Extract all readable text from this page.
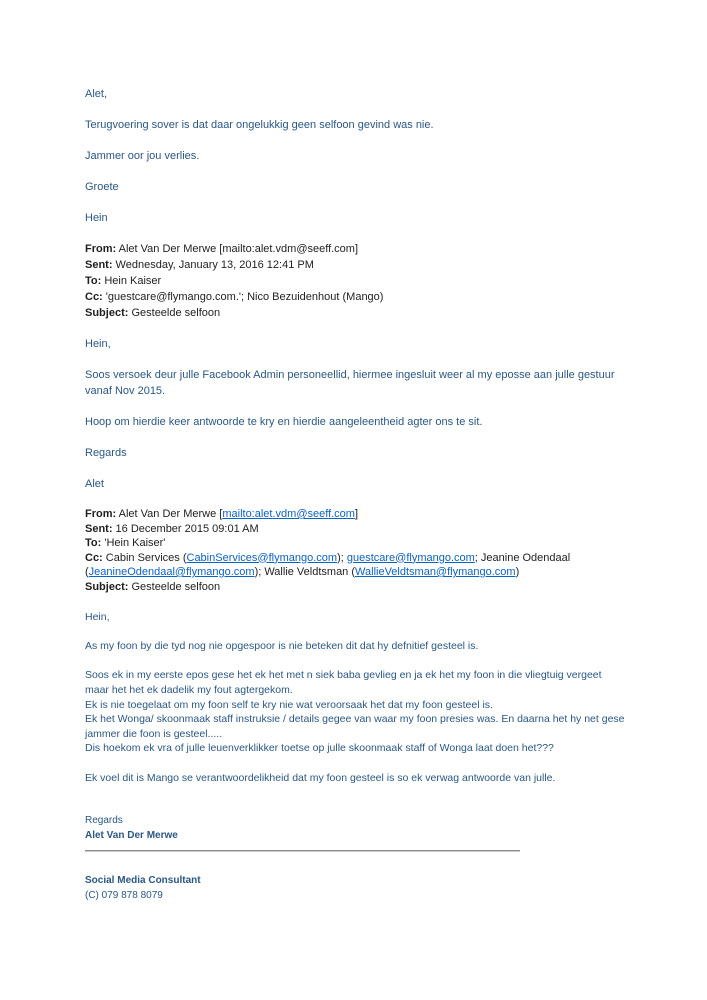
Alet,

Terugvoering sover is dat daar ongelukkig geen selfoon gevind was nie.

Jammer oor jou verlies.

Groete

Hein

From: Alet Van Der Merwe [mailto:alet.vdm@seeff.com]

Sent: Wednesday, January 13, 2016 12:41 PM

To: Hein Kaiser

Cc: 'guestcare@flymango.com.'; Nico Bezuidenhout (Mango)

Subject: Gesteelde selfoon

Hein,

Soos versoek deur julle Facebook Admin personeellid, hiermee ingesluit weer al my eposse aan julle gestuur vanaf Nov 2015.

Hoop om hierdie keer antwoorde te kry en hierdie aangeleentheid agter ons te sit.

Regards

Alet

From: Alet Van Der Merwe [mailto:alet.vdm@seeff.com]

Sent: 16 December 2015 09:01 AM

To: 'Hein Kaiser'

Cc: Cabin Services (CabinServices@flymango.com); guestcare@flymango.com; Jeanine Odendaal (JeanineOdendaal@flymango.com); Wallie Veldtsman (WallieVeldtsman@flymango.com)

Subject: Gesteelde selfoon

Hein,

As my foon by die tyd nog nie opgespoor is nie beteken dit dat hy defnitief gesteel is.

Soos ek in my eerste epos gese het ek het met n siek baba gevlieg en ja ek het my foon in die vliegtuig vergeet maar het het ek dadelik my fout agtergekom.

Ek is nie toegelaat om my foon self te kry nie wat veroorsaak het dat my foon gesteel is.

Ek het Wonga/ skoonmaak staff instruksie / details gegee van waar my foon presies was. En daarna het hy net gese jammer die foon is gesteel.....

Dis hoekom ek vra of julle leuenverklikker toetse op julle skoonmaak staff of Wonga laat doen het???

Ek voel dit is Mango se verantwoordelikheid dat my foon gesteel is so ek verwag antwoorde van julle.

Regards

Alet Van Der Merwe

Social Media Consultant

(C) 079 878 8079
